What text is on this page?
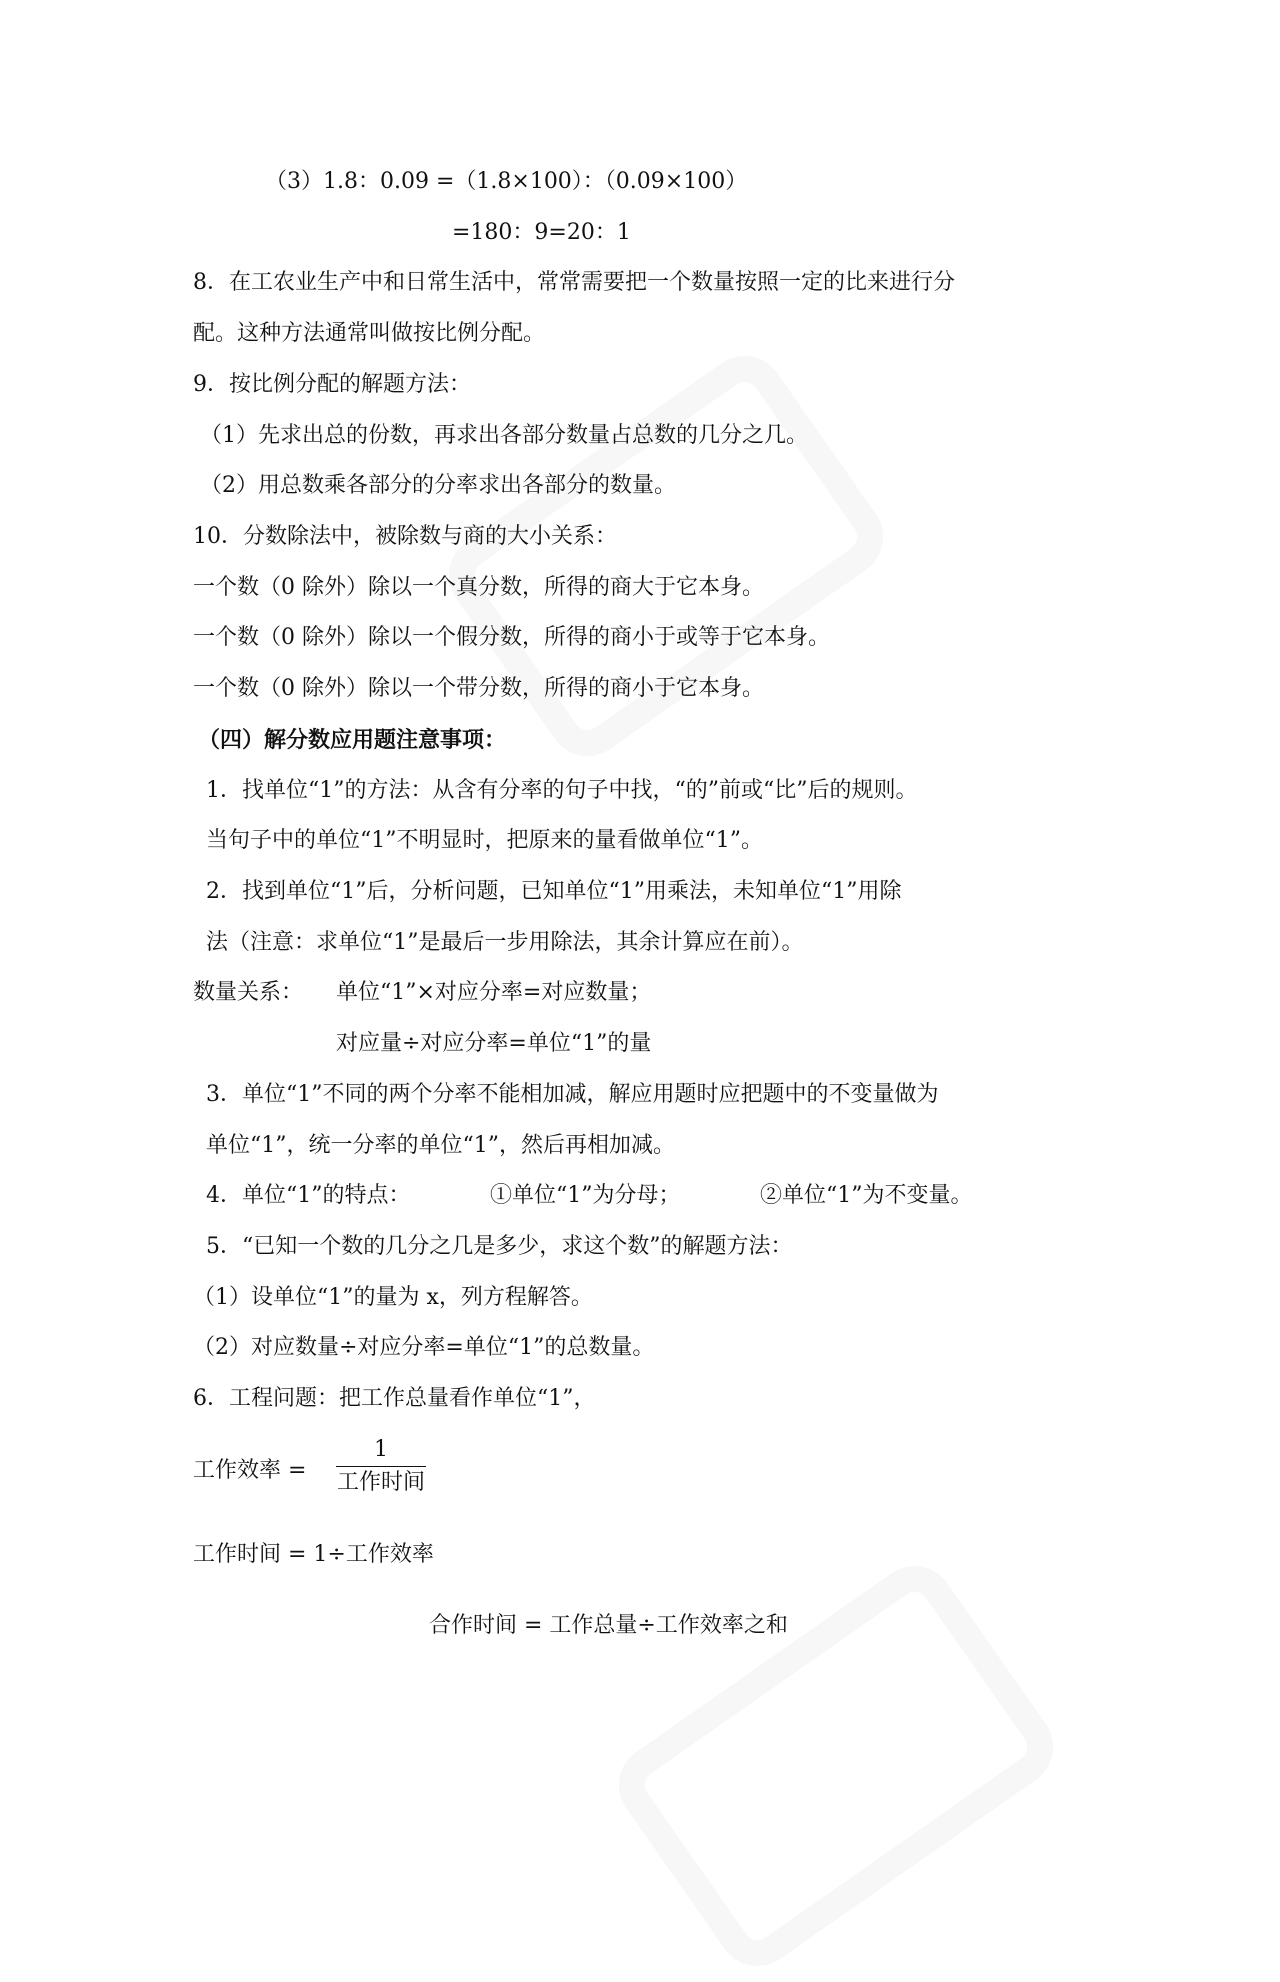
（3）1.8：0.09 =（1.8×100）：（0.09×100）
=180：9=20：1
8．在工农业生产中和日常生活中，常常需要把一个数量按照一定的比来进行分
配。这种方法通常叫做按比例分配。
9．按比例分配的解题方法：
（1）先求出总的份数，再求出各部分数量占总数的几分之几。
（2）用总数乘各部分的分率求出各部分的数量。
10．分数除法中，被除数与商的大小关系：
一个数（0 除外）除以一个真分数，所得的商大于它本身。
一个数（0 除外）除以一个假分数，所得的商小于或等于它本身。
一个数（0 除外）除以一个带分数，所得的商小于它本身。
（四）解分数应用题注意事项：
1．找单位“1”的方法：从含有分率的句子中找，“的”前或“比”后的规则。
当句子中的单位“1”不明显时，把原来的量看做单位“1”。
2．找到单位“1”后，分析问题，已知单位“1”用乘法，未知单位“1”用除
法（注意：求单位“1”是最后一步用除法，其余计算应在前）。
数量关系： 单位“1”×对应分率=对应数量；
对应量÷对应分率=单位“1”的量
3．单位“1”不同的两个分率不能相加减，解应用题时应把题中的不变量做为
单位“1”，统一分率的单位“1”，然后再相加减。
4．单位“1”的特点：	①单位“1”为分母；	②单位“1”为不变量。
5．“已知一个数的几分之几是多少，求这个数”的解题方法：
（1）设单位“1”的量为 x，列方程解答。
（2）对应数量÷对应分率=单位“1”的总数量。
6．工程问题：把工作总量看作单位“1”，
工作效率 =
1
工作时间
工作时间 = 1÷工作效率
合作时间 = 工作总量÷工作效率之和
